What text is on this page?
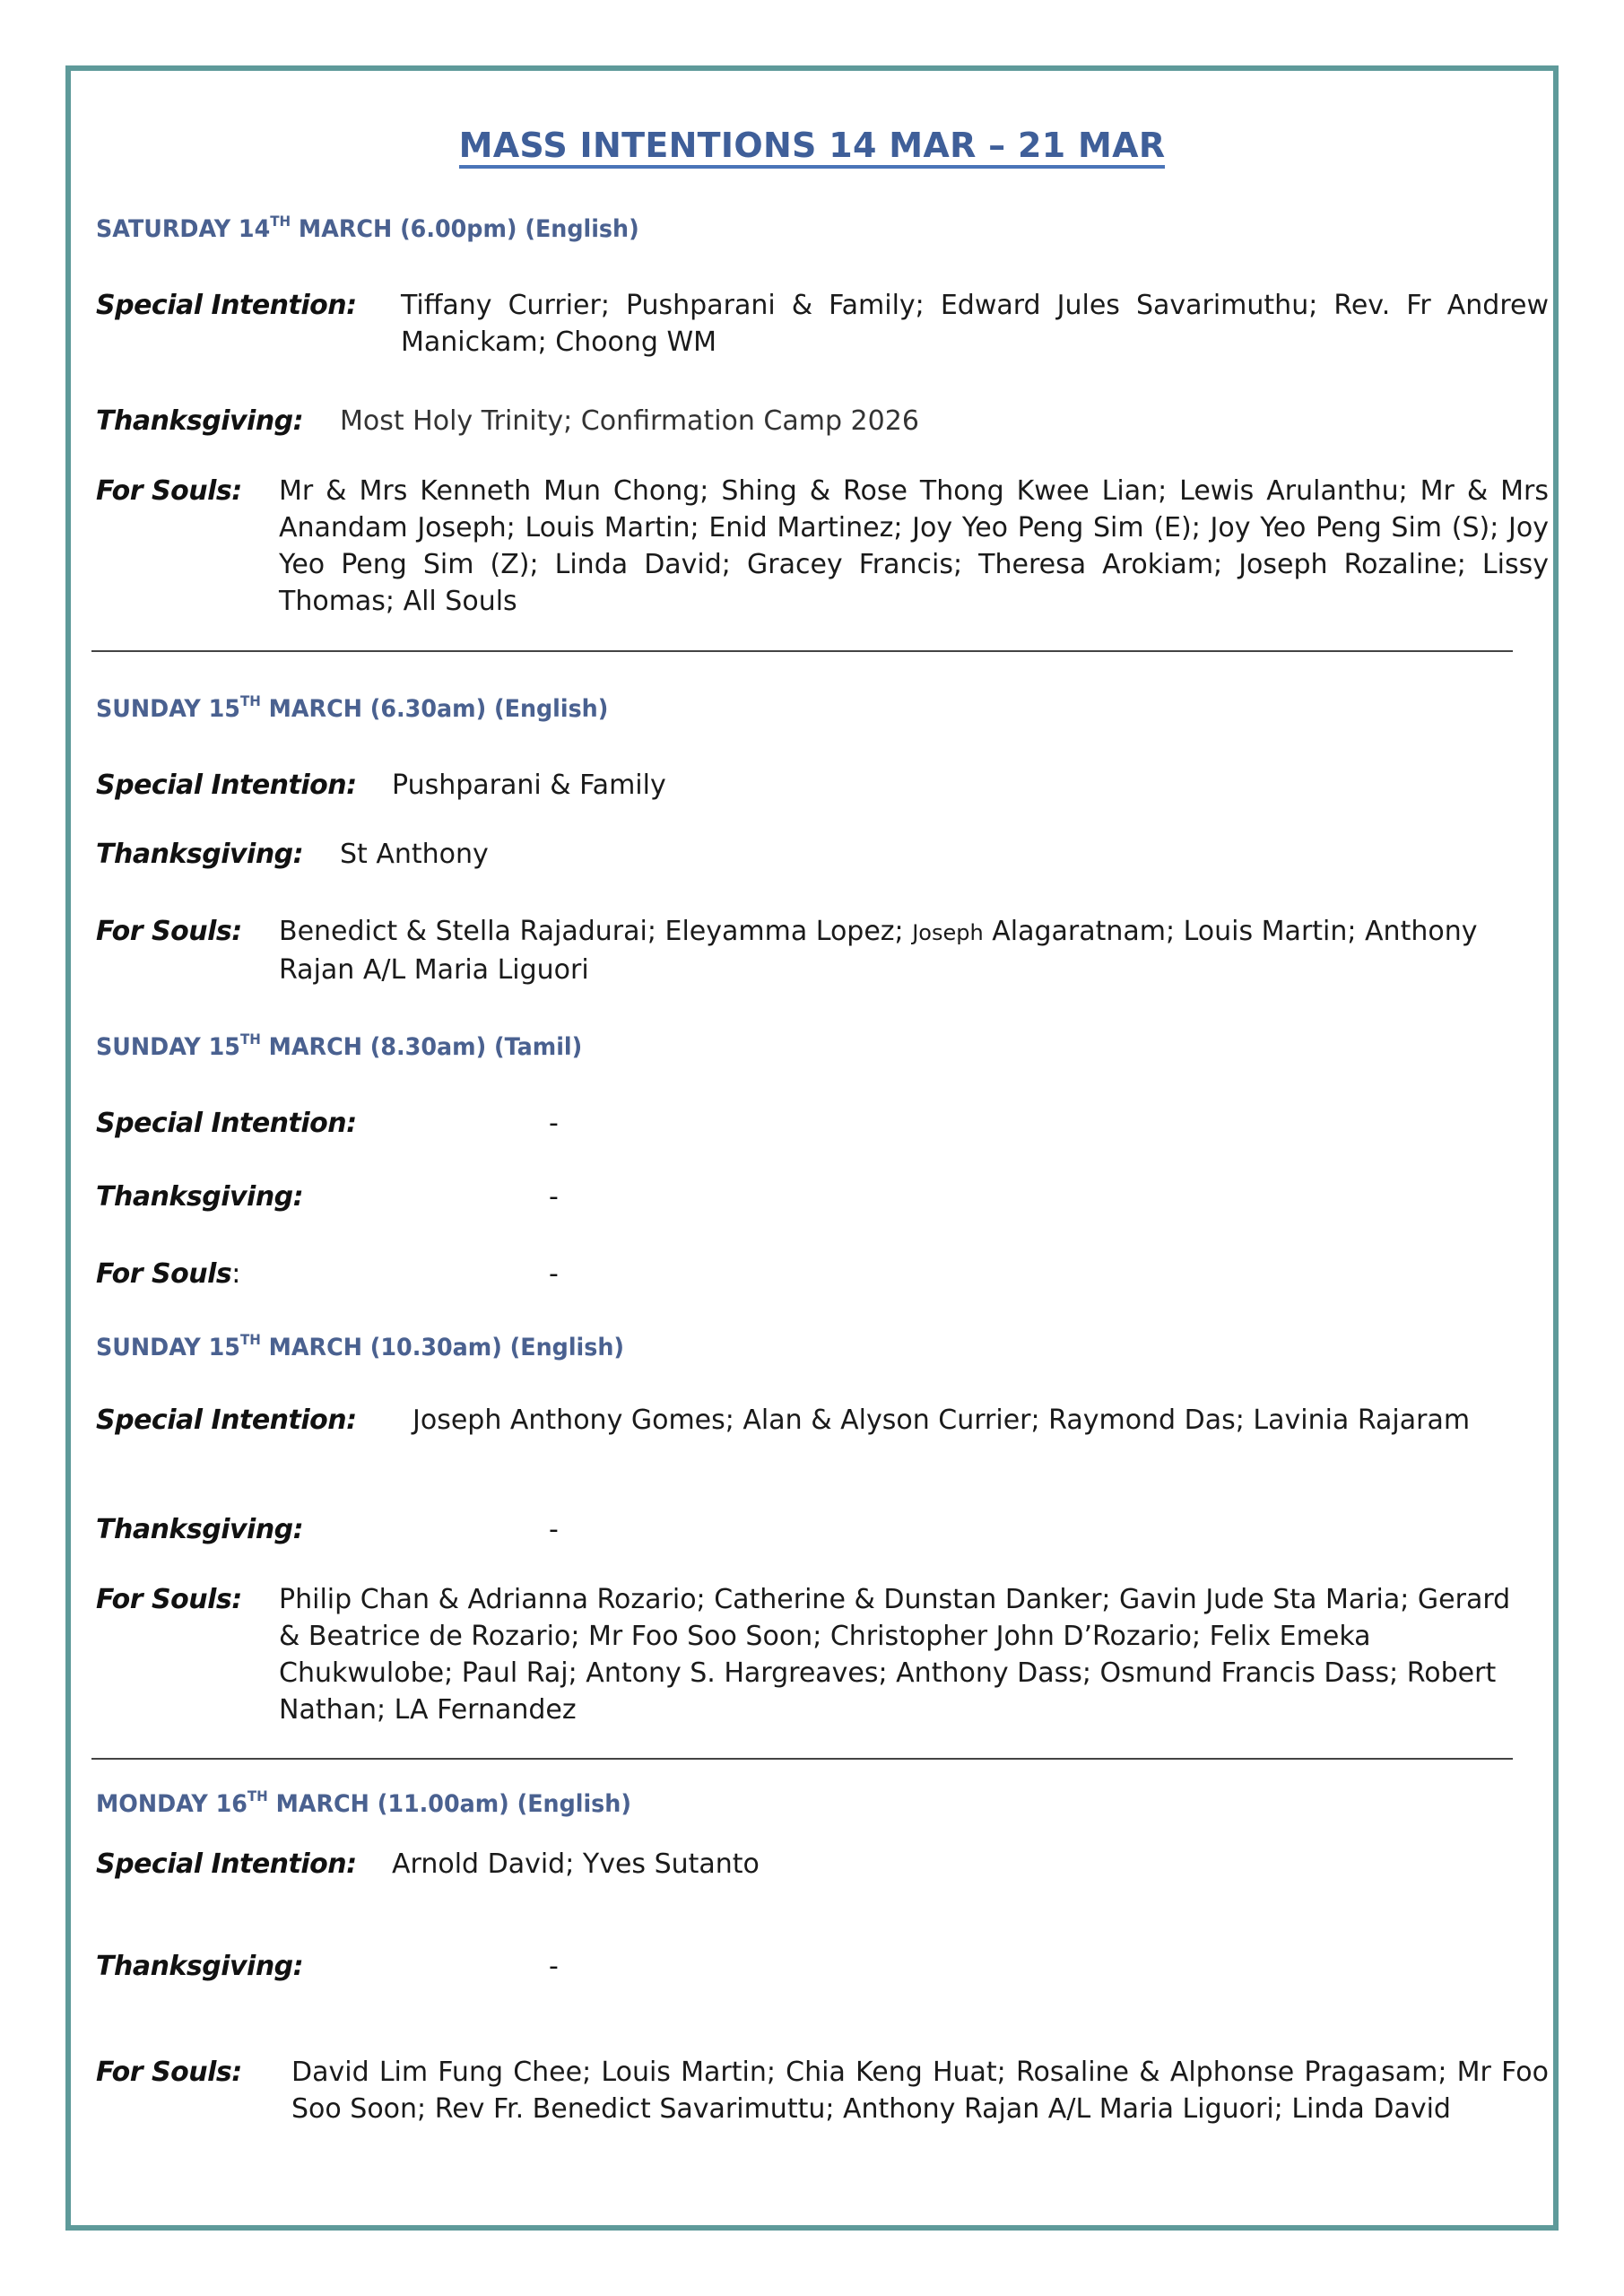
MASS INTENTIONS 14 MAR – 21 MAR
SATURDAY 14TH MARCH (6.00pm) (English)
Special Intention:	Tiffany Currier; Pushparani & Family; Edward Jules Savarimuthu; Rev. Fr Andrew Manickam; Choong WM
Thanksgiving:	Most Holy Trinity; Confirmation Camp 2026
For Souls:	Mr & Mrs Kenneth Mun Chong; Shing & Rose Thong Kwee Lian; Lewis Arulanthu; Mr & Mrs Anandam Joseph; Louis Martin; Enid Martinez; Joy Yeo Peng Sim (E); Joy Yeo Peng Sim (S); Joy Yeo Peng Sim (Z); Linda David; Gracey Francis; Theresa Arokiam; Joseph Rozaline; Lissy Thomas; All Souls
SUNDAY 15TH MARCH (6.30am) (English)
Special Intention:	Pushparani & Family
Thanksgiving:	St Anthony
For Souls:	Benedict & Stella Rajadurai; Eleyamma Lopez; Joseph Alagaratnam; Louis Martin; Anthony Rajan A/L Maria Liguori
SUNDAY 15TH MARCH (8.30am) (Tamil)
Special Intention:	-
Thanksgiving:	-
For Souls:	-
SUNDAY 15TH MARCH (10.30am) (English)
Special Intention:	Joseph Anthony Gomes; Alan & Alyson Currier; Raymond Das; Lavinia Rajaram
Thanksgiving:	-
For Souls:	Philip Chan & Adrianna Rozario; Catherine & Dunstan Danker; Gavin Jude Sta Maria; Gerard & Beatrice de Rozario; Mr Foo Soo Soon; Christopher John D’Rozario; Felix Emeka Chukwulobe; Paul Raj; Antony S. Hargreaves; Anthony Dass; Osmund Francis Dass; Robert Nathan; LA Fernandez
MONDAY 16TH MARCH (11.00am) (English)
Special Intention:	Arnold David; Yves Sutanto
Thanksgiving:	-
For Souls:	David Lim Fung Chee; Louis Martin; Chia Keng Huat; Rosaline & Alphonse Pragasam; Mr Foo Soo Soon; Rev Fr. Benedict Savarimuttu; Anthony Rajan A/L Maria Liguori; Linda David
